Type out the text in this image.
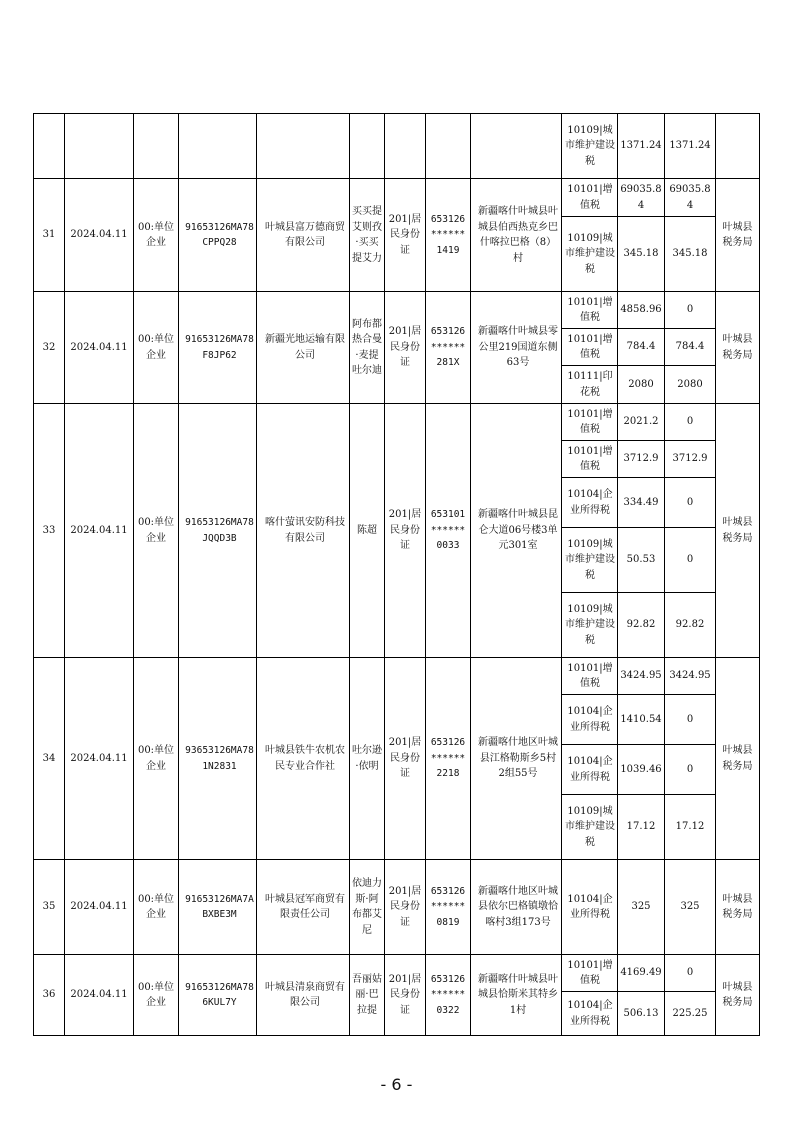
									10109|城市维护建设税	1371.24	1371.24	
31	2024.04.11	00:单位企业	91653126MA78CPPQ28	叶城县富万德商贸有限公司	买买提艾则孜·买买提艾力	201|居民身份证	653126******1419	新疆喀什叶城县叶城县伯西热克乡巴什喀拉巴格（8）村	10101|增值税	69035.84	69035.84	叶城县税务局
									10109|城市维护建设税	345.18	345.18	
32	2024.04.11	00:单位企业	91653126MA78F8JP62	新疆光地运输有限公司	阿布都热合曼·麦提吐尔迪	201|居民身份证	653126******281X	新疆喀什叶城县零公里219国道东侧63号	10101|增值税	4858.96	0	叶城县税务局
									10101|增值税	784.4	784.4	
									10111|印花税	2080	2080	
33	2024.04.11	00:单位企业	91653126MA78JQQD3B	喀什萤讯安防科技有限公司	陈超	201|居民身份证	653101******0033	新疆喀什叶城县昆仑大道06号楼3单元301室	10101|增值税	2021.2	0	叶城县税务局
									10101|增值税	3712.9	3712.9	
									10104|企业所得税	334.49	0	
									10109|城市维护建设税	50.53	0	
									10109|城市维护建设税	92.82	92.82	
34	2024.04.11	00:单位企业	93653126MA781N2831	叶城县铁牛农机农民专业合作社	吐尔逊·依明	201|居民身份证	653126******2218	新疆喀什地区叶城县江格勒斯乡5村2组55号	10101|增值税	3424.95	3424.95	叶城县税务局
									10104|企业所得税	1410.54	0	
									10104|企业所得税	1039.46	0	
									10109|城市维护建设税	17.12	17.12	
35	2024.04.11	00:单位企业	91653126MA7ABXBE3M	叶城县冠军商贸有限责任公司	依迪力斯·阿布都艾尼	201|居民身份证	653126******0819	新疆喀什地区叶城县依尔巴格镇墩恰喀村3组173号	10104|企业所得税	325	325	叶城县税务局
36	2024.04.11	00:单位企业	91653126MA786KUL7Y	叶城县清泉商贸有限公司	吾丽姑丽·巴拉提	201|居民身份证	653126******0322	新疆喀什叶城县叶城县恰斯米其特乡1村	10101|增值税	4169.49	0	叶城县税务局
									10104|企业所得税	506.13	225.25	
- 6 -
